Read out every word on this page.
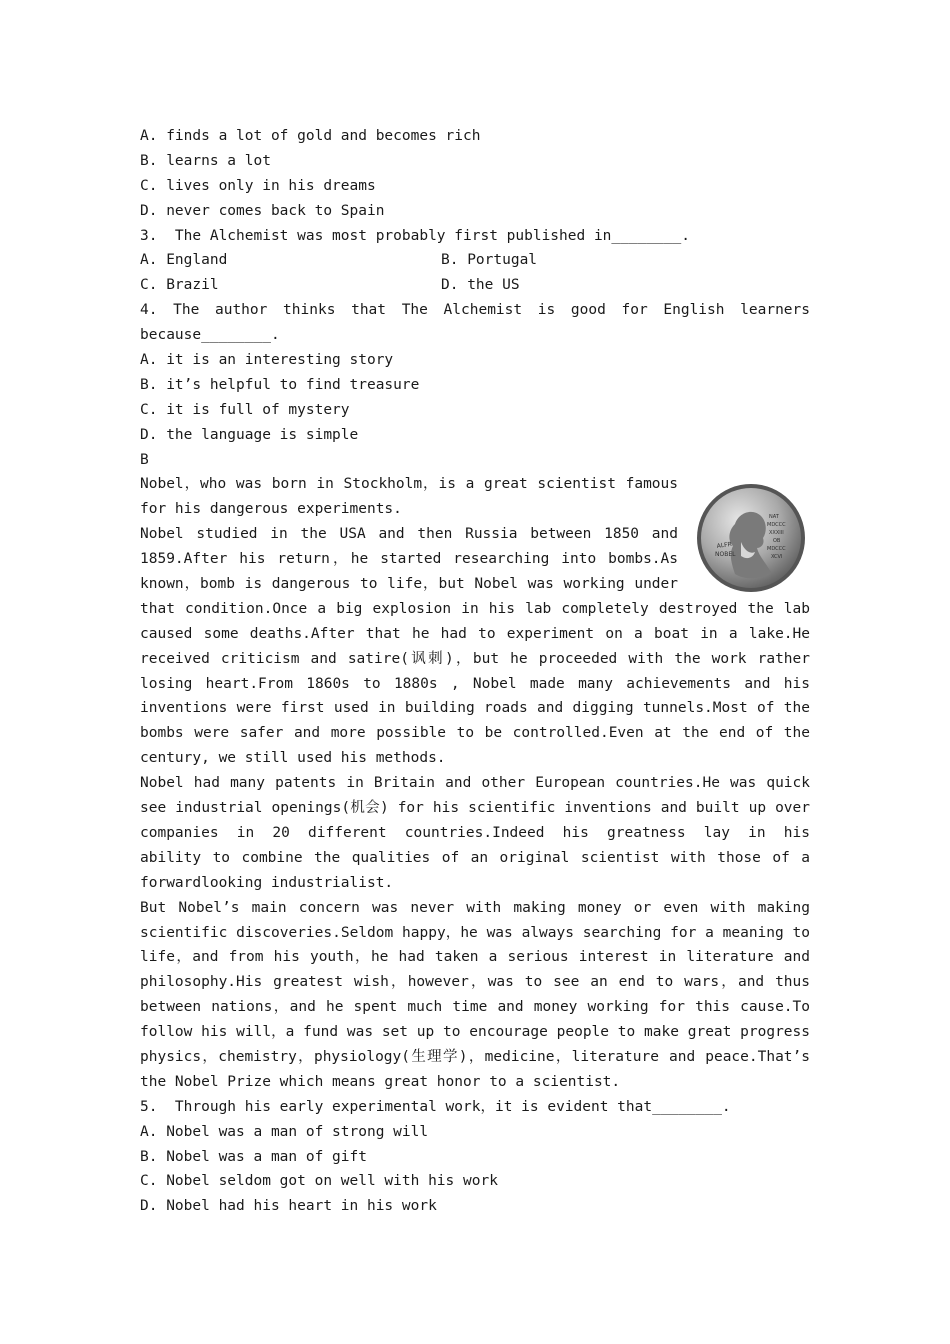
A. finds a lot of gold and becomes rich
B. learns a lot
C. lives only in his dreams
D. never comes back to Spain
3.  The Alchemist was most probably first published in________.
A. England	B. Portugal
C. Brazil	D. the US
4. The author thinks that The Alchemist is good for English learners
because________.
A. it is an interesting story
B. it’s helpful to find treasure
C. it is full of mystery
D. the language is simple
B
Nobel，who was born in Stockholm，is a great scientist famous
for his dangerous experiments.
Nobel studied in the USA and then Russia between 1850 and
1859.After his return，he started researching into bombs.As
known，bomb is dangerous to life，but Nobel was working under
that condition.Once a big explosion in his lab completely destroyed the lab
caused some deaths.After that he had to experiment on a boat in a lake.He
received criticism and satire(讽刺)，but he proceeded with the work rather
losing heart.From 1860s to 1880s , Nobel made many achievements and his
inventions were first used in building roads and digging tunnels.Most of the
bombs were safer and more possible to be controlled.Even at the end of the
century, we still used his methods.
Nobel had many patents in Britain and other European countries.He was quick
see industrial openings(机会) for his scientific inventions and built up over
companies in 20 different countries.Indeed his greatness lay in his
ability to combine the qualities of an original scientist with those of a
forwardlooking industrialist.
But Nobel’s main concern was never with making money or even with making
scientific discoveries.Seldom happy，he was always searching for a meaning to
life，and from his youth，he had taken a serious interest in literature and
philosophy.His greatest wish，however，was to see an end to wars，and thus
between nations，and he spent much time and money working for this cause.To
follow his will，a fund was set up to encourage people to make great progress
physics，chemistry，physiology(生理学)，medicine，literature and peace.That’s
the Nobel Prize which means great honor to a scientist.
5.  Through his early experimental work，it is evident that________.
A. Nobel was a man of strong will
B. Nobel was a man of gift
C. Nobel seldom got on well with his work
D. Nobel had his heart in his work
ALFR
NOBEL
NAT
MDCCC
XXXIII
OB
MDCCC
XCVI
